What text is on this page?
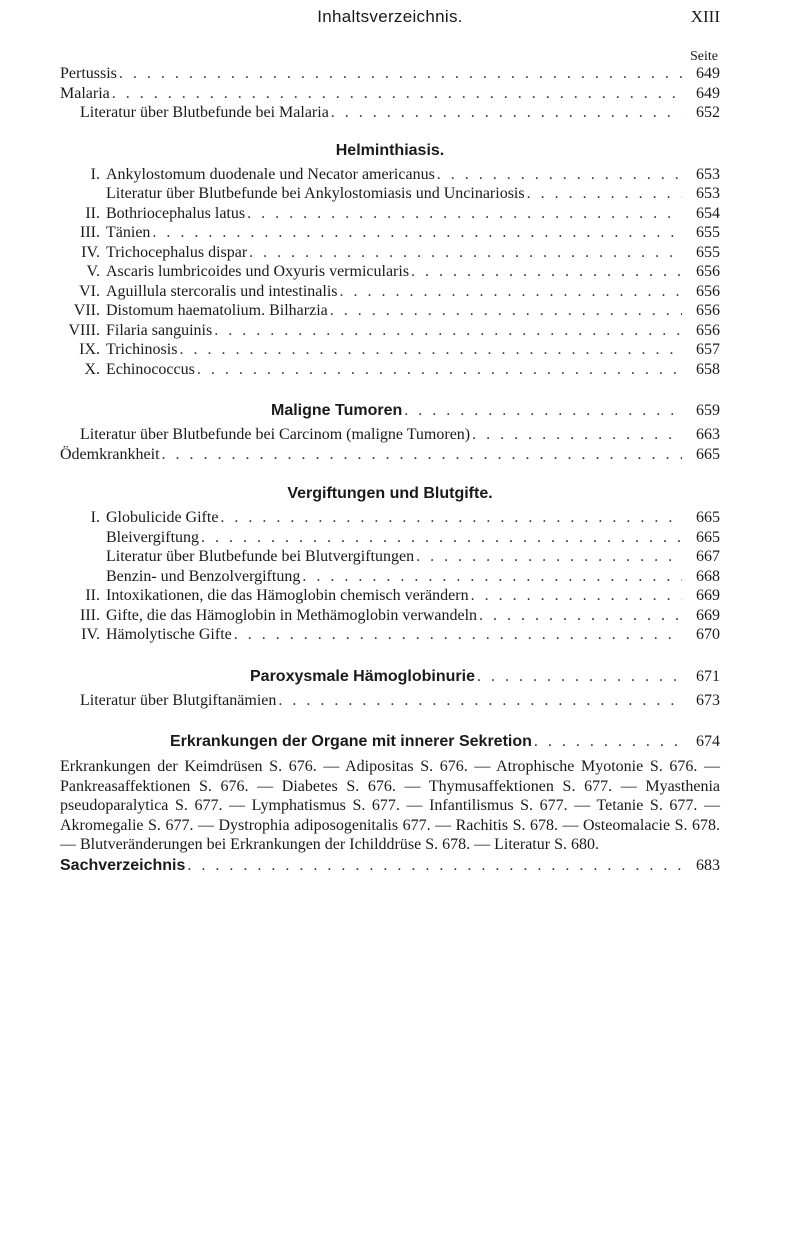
Inhaltsverzeichnis.	XIII
Seite
Pertussis . . .	649
Malaria . . .	649
Literatur über Blutbefunde bei Malaria . . .	652
Helminthiasis.
I. Ankylostomum duodenale und Necator americanus . . .	653
Literatur über Blutbefunde bei Ankylostomiasis und Uncinariosis . . .	653
II. Bothriocephalus latus . . .	654
III. Tänien . . .	655
IV. Trichocephalus dispar . . .	655
V. Ascaris lumbricoides und Oxyuris vermicularis . . .	656
VI. Aguillula stercoralis und intestinalis . . .	656
VII. Distomum haematolium. Bilharzia . . .	656
VIII. Filaria sanguinis . . .	656
IX. Trichinosis . . .	657
X. Echinococcus . . .	658
Maligne Tumoren . . .	659
Literatur über Blutbefunde bei Carcinom (maligne Tumoren) . . .	663
Ödemkrankheit . . .	665
Vergiftungen und Blutgifte.
I. Globulicide Gifte . . .	665
Bleivergiftung . . .	665
Literatur über Blutbefunde bei Blutvergiftungen . . .	667
Benzin- und Benzolvergiftung . . .	668
II. Intoxikationen, die das Hämoglobin chemisch verändern . . .	669
III. Gifte, die das Hämoglobin in Methämoglobin verwandeln . . .	669
IV. Hämolytische Gifte . . .	670
Paroxysmale Hämoglobinurie . . .	671
Literatur über Blutgiftanämien . . .	673
Erkrankungen der Organe mit innerer Sekretion . . .	674
Erkrankungen der Keimdrüsen S. 676. — Adipositas S. 676. — Atrophische Myotonie S. 676. — Pankreasaffektionen S. 676. — Diabetes S. 676. — Thymusaffektionen S. 677. — Myasthenia pseudoparalytica S. 677. — Lymphatismus S. 677. — Infantilismus S. 677. — Tetanie S. 677. — Akromegalie S. 677. — Dystrophia adiposogenitalis 677. — Rachitis S. 678. — Osteomalacie S. 678. — Blutveränderungen bei Erkrankungen der Ichilddrüse S. 678. — Literatur S. 680.
Sachverzeichnis . . .	683
